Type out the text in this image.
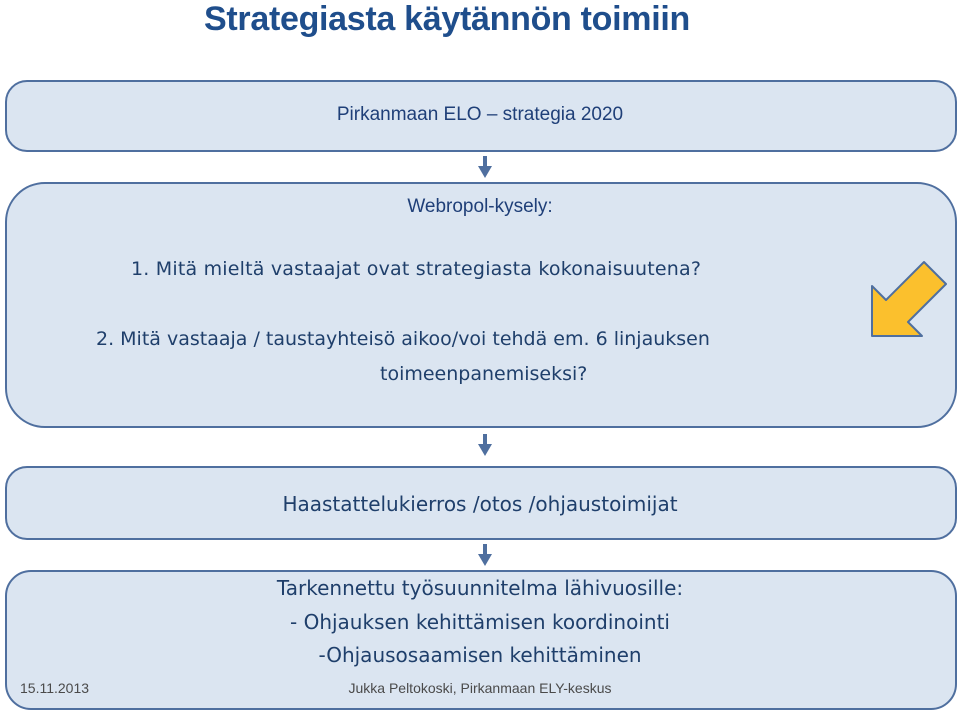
Strategiasta käytännön toimiin
Pirkanmaan ELO – strategia 2020
Webropol-kysely:
1. Mitä mieltä vastaajat ovat strategiasta kokonaisuutena?
2. Mitä vastaaja / taustayhteisö aikoo/voi tehdä em. 6 linjauksen
toimeenpanemiseksi?
Haastattelukierros /otos /ohjaustoimijat
Tarkennettu työsuunnitelma lähivuosille:
- Ohjauksen kehittämisen koordinointi
-Ohjausosaamisen kehittäminen
15.11.2013	Jukka Peltokoski, Pirkanmaan ELY-keskus
